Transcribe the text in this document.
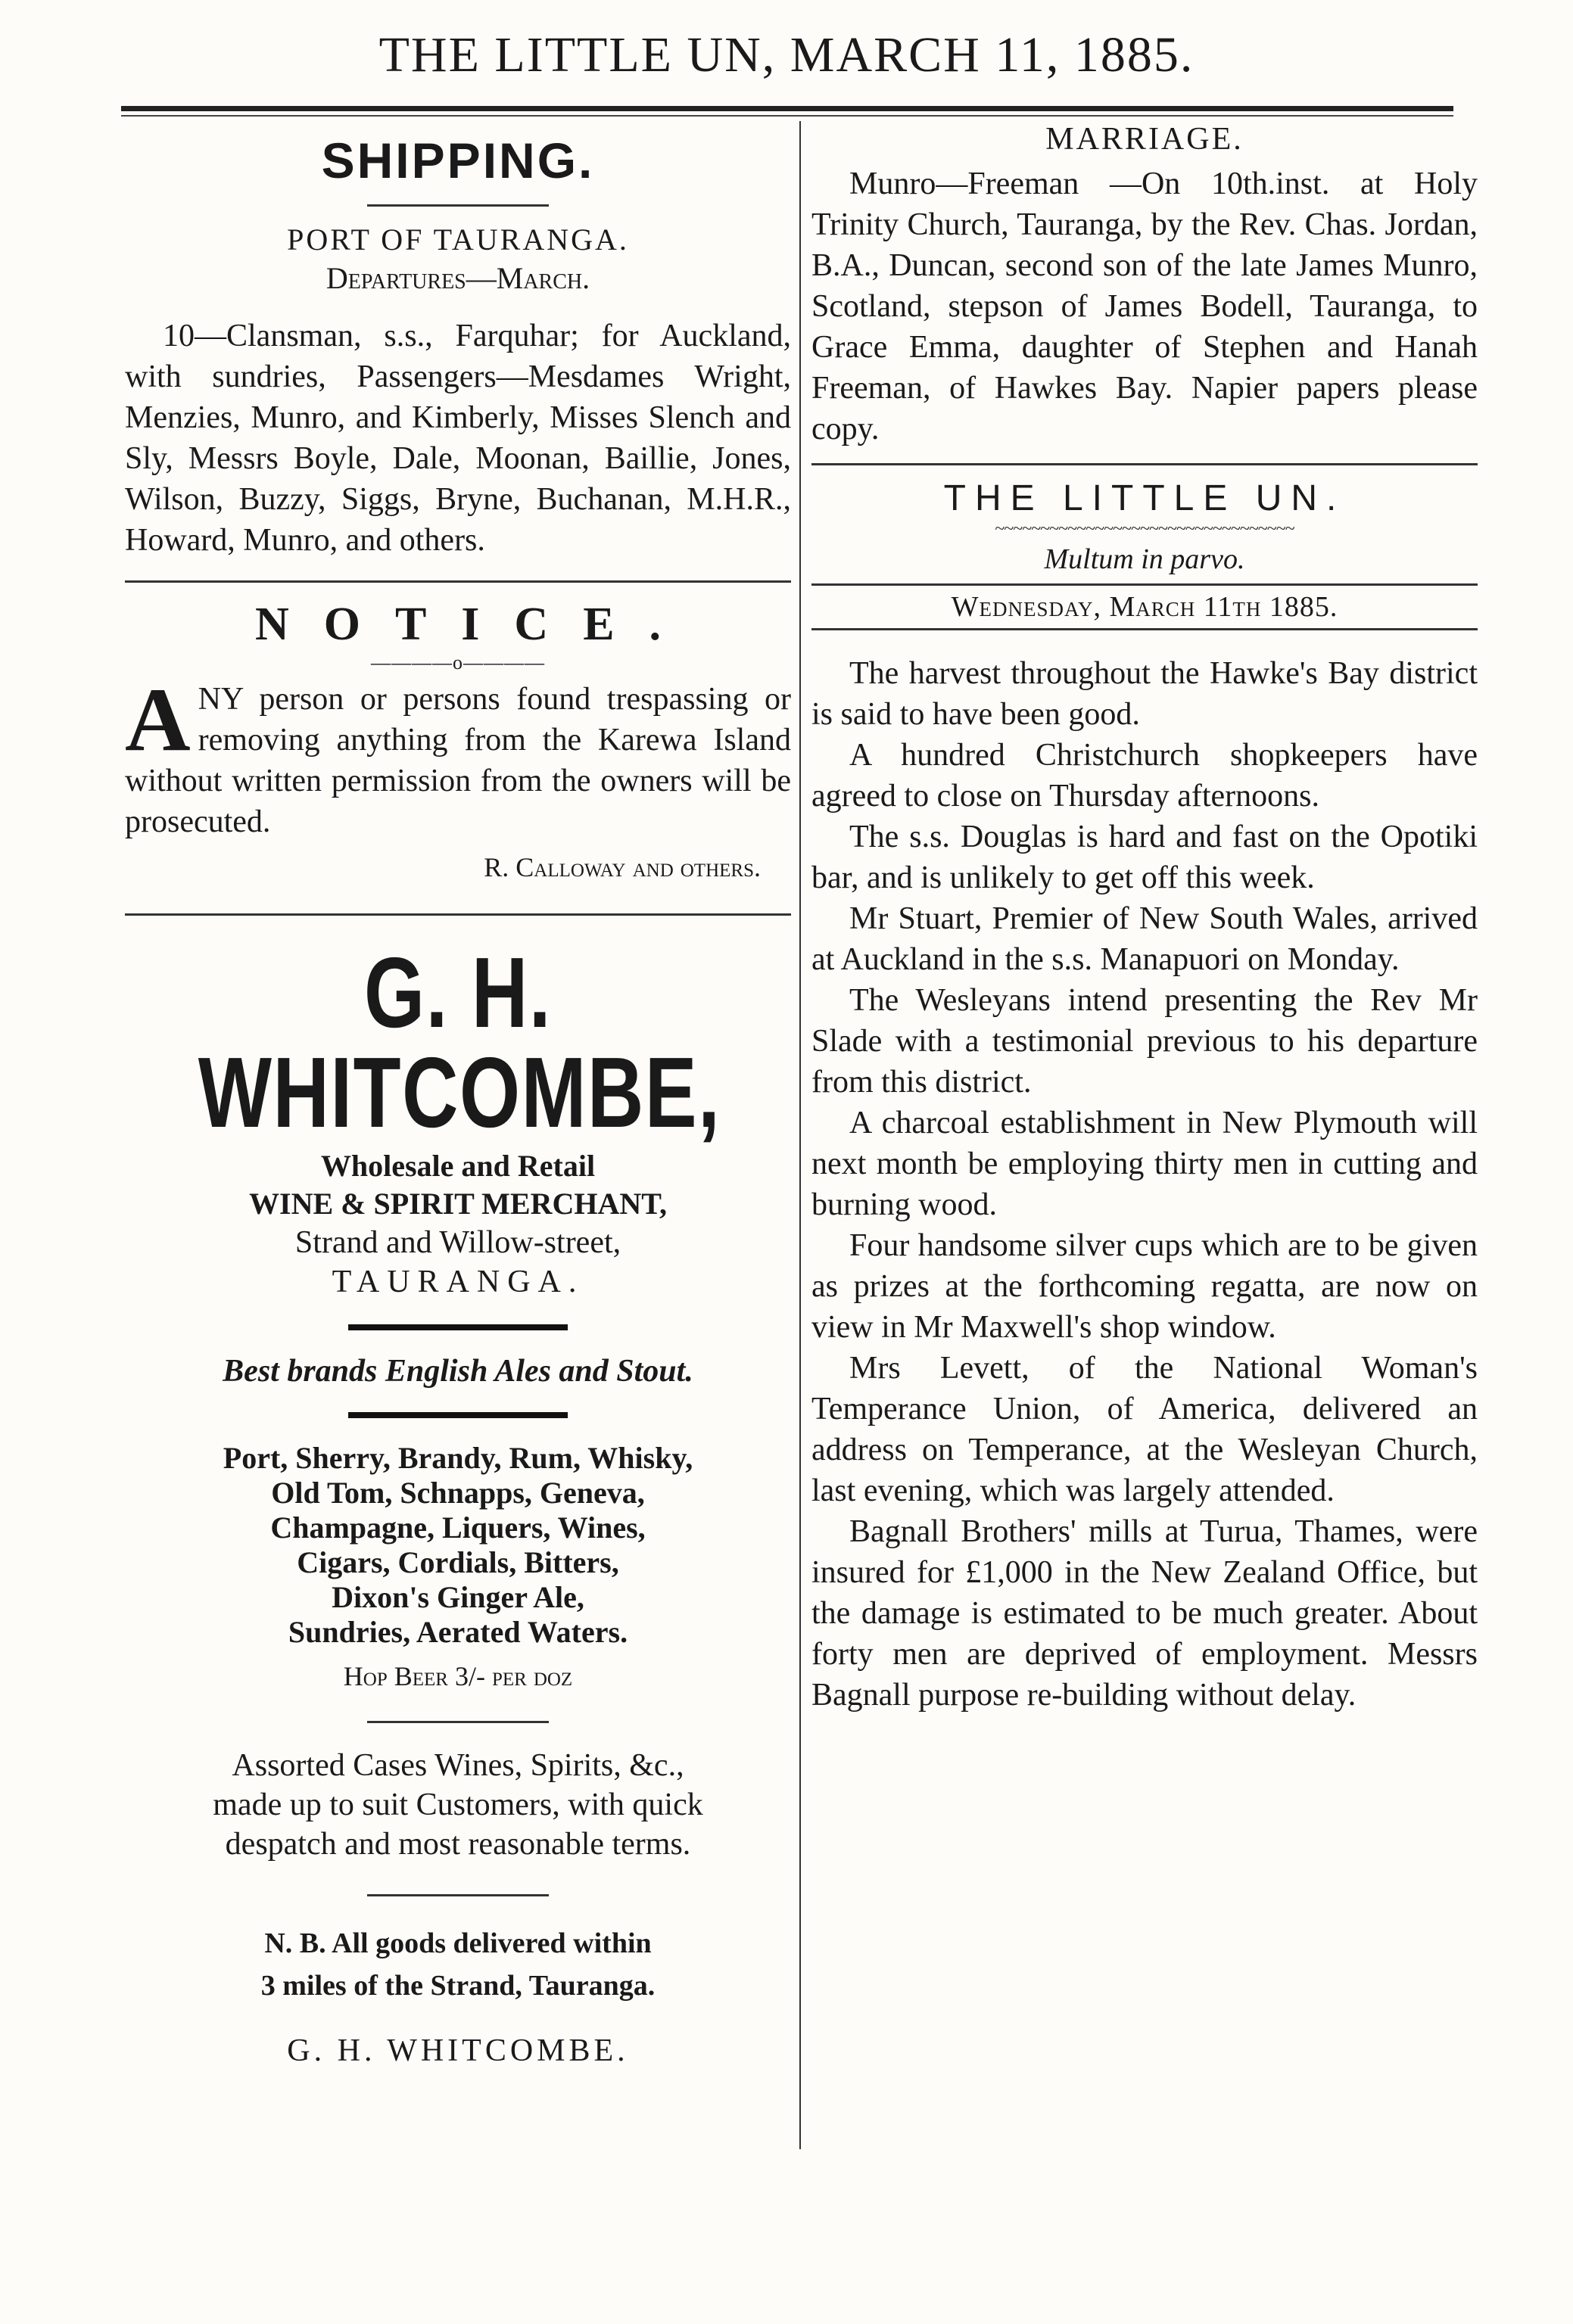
THE LITTLE UN, MARCH 11, 1885.
SHIPPING.
PORT OF TAURANGA.
Departures—March.

10—Clansman, s.s., Farquhar; for Auckland, with sundries, Passengers—Mesdames Wright, Menzies, Munro, and Kimberly, Misses Slench and Sly, Messrs Boyle, Dale, Moonan, Baillie, Jones, Wilson, Buzzy, Siggs, Bryne, Buchanan, M.H.R., Howard, Munro, and others.

NOTICE.
————o————

ANY person or persons found trespassing or removing anything from the Karewa Island without written permission from the owners will be prosecuted.

R. Calloway and others.
G. H. WHITCOMBE,

Wholesale and Retail

WINE & SPIRIT MERCHANT,

Strand and Willow-street,

TAURANGA.

Best brands English Ales and Stout.

Port, Sherry, Brandy, Rum, Whisky,

Old Tom, Schnapps, Geneva,

Champagne, Liquers, Wines,

Cigars, Cordials, Bitters,

Dixon's Ginger Ale,

Sundries, Aerated Waters.

Hop Beer 3/- per doz

Assorted Cases Wines, Spirits, &c.,

made up to suit Customers, with quick

despatch and most reasonable terms.

N. B. All goods delivered within

3 miles of the Strand, Tauranga.

G. H. WHITCOMBE.

MARRIAGE.

Munro—Freeman —On 10th.inst. at Holy Trinity Church, Tauranga, by the Rev. Chas. Jordan, B.A., Duncan, second son of the late James Munro, Scotland, stepson of James Bodell, Tauranga, to Grace Emma, daughter of Stephen and Hanah Freeman, of Hawkes Bay. Napier papers please copy.

THE LITTLE UN.
~~~~~~~~~~~~~~~~~~~~~~~~~~~~~~~~~
Multum in parvo.
Wednesday, March 11th 1885.

The harvest throughout the Hawke's Bay district is said to have been good.

A hundred Christchurch shopkeepers have agreed to close on Thursday afternoons.

The s.s. Douglas is hard and fast on the Opotiki bar, and is unlikely to get off this week.

Mr Stuart, Premier of New South Wales, arrived at Auckland in the s.s. Manapuori on Monday.

The Wesleyans intend presenting the Rev Mr Slade with a testimonial previous to his departure from this district.

A charcoal establishment in New Plymouth will next month be employing thirty men in cutting and burning wood.

Four handsome silver cups which are to be given as prizes at the forthcoming regatta, are now on view in Mr Maxwell's shop window.

Mrs Levett, of the National Woman's Temperance Union, of America, delivered an address on Temperance, at the Wesleyan Church, last evening, which was largely attended.

Bagnall Brothers' mills at Turua, Thames, were insured for £1,000 in the New Zealand Office, but the damage is estimated to be much greater. About forty men are deprived of employment. Messrs Bagnall purpose re-building without delay.
